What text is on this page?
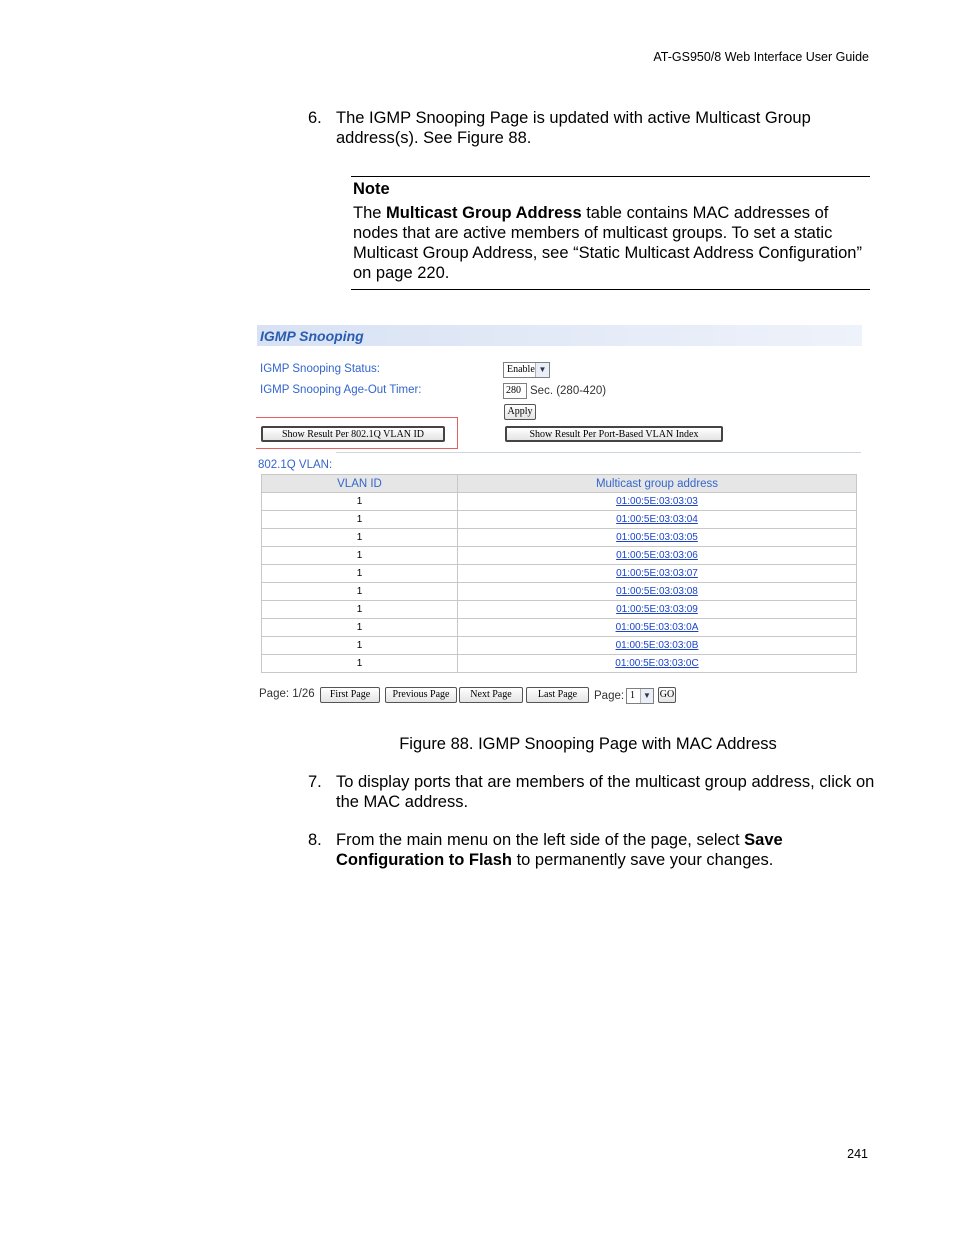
AT-GS950/8 Web Interface User Guide
6. The IGMP Snooping Page is updated with active Multicast Group address(s). See Figure 88.
Note
The Multicast Group Address table contains MAC addresses of nodes that are active members of multicast groups. To set a static Multicast Group Address, see “Static Multicast Address Configuration” on page 220.
IGMP Snooping
IGMP Snooping Status:	Enable ▼
IGMP Snooping Age-Out Timer:	280 Sec. (280-420)
Apply
Show Result Per 802.1Q VLAN ID	Show Result Per Port-Based VLAN Index
802.1Q VLAN:
VLAN ID	Multicast group address
1	01:00:5E:03:03:03
1	01:00:5E:03:03:04
1	01:00:5E:03:03:05
1	01:00:5E:03:03:06
1	01:00:5E:03:03:07
1	01:00:5E:03:03:08
1	01:00:5E:03:03:09
1	01:00:5E:03:03:0A
1	01:00:5E:03:03:0B
1	01:00:5E:03:03:0C
Page: 1/26	First Page	Previous Page	Next Page	Last Page	Page: 1	▼ GO
Figure 88. IGMP Snooping Page with MAC Address
7. To display ports that are members of the multicast group address, click on the MAC address.
8. From the main menu on the left side of the page, select Save Configuration to Flash to permanently save your changes.
241
